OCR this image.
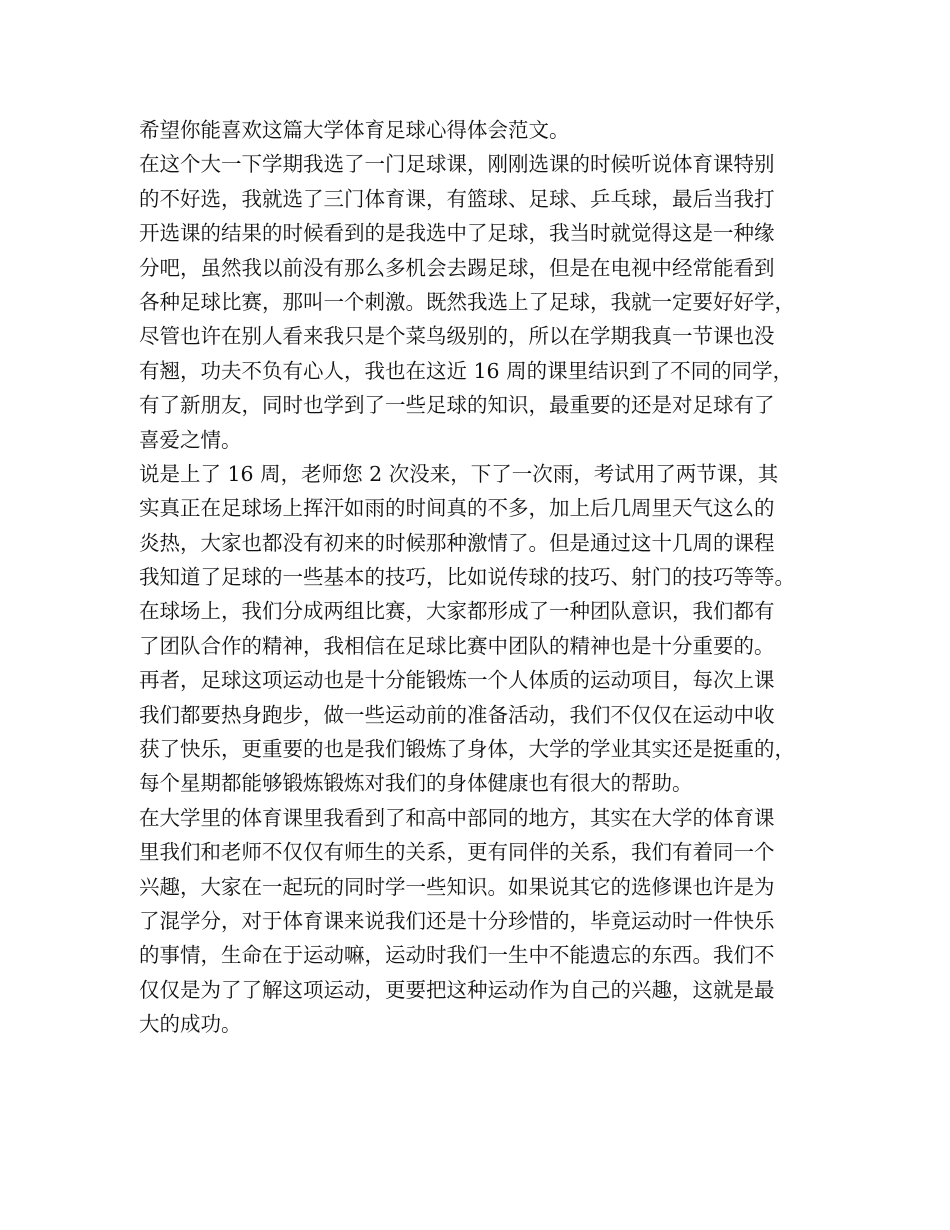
希望你能喜欢这篇大学体育足球心得体会范文。
在这个大一下学期我选了一门足球课，刚刚选课的时候听说体育课特别
的不好选，我就选了三门体育课，有篮球、足球、乒乓球，最后当我打
开选课的结果的时候看到的是我选中了足球，我当时就觉得这是一种缘
分吧，虽然我以前没有那么多机会去踢足球，但是在电视中经常能看到
各种足球比赛，那叫一个刺激。既然我选上了足球，我就一定要好好学，
尽管也许在别人看来我只是个菜鸟级别的，所以在学期我真一节课也没
有翘，功夫不负有心人，我也在这近 16 周的课里结识到了不同的同学，
有了新朋友，同时也学到了一些足球的知识，最重要的还是对足球有了
喜爱之情。
说是上了 16 周，老师您 2 次没来，下了一次雨，考试用了两节课，其
实真正在足球场上挥汗如雨的时间真的不多，加上后几周里天气这么的
炎热，大家也都没有初来的时候那种激情了。但是通过这十几周的课程
我知道了足球的一些基本的技巧，比如说传球的技巧、射门的技巧等等。
在球场上，我们分成两组比赛，大家都形成了一种团队意识，我们都有
了团队合作的精神，我相信在足球比赛中团队的精神也是十分重要的。
再者，足球这项运动也是十分能锻炼一个人体质的运动项目，每次上课
我们都要热身跑步，做一些运动前的准备活动，我们不仅仅在运动中收
获了快乐，更重要的也是我们锻炼了身体，大学的学业其实还是挺重的，
每个星期都能够锻炼锻炼对我们的身体健康也有很大的帮助。
在大学里的体育课里我看到了和高中部同的地方，其实在大学的体育课
里我们和老师不仅仅有师生的关系，更有同伴的关系，我们有着同一个
兴趣，大家在一起玩的同时学一些知识。如果说其它的选修课也许是为
了混学分，对于体育课来说我们还是十分珍惜的，毕竟运动时一件快乐
的事情，生命在于运动嘛，运动时我们一生中不能遗忘的东西。我们不
仅仅是为了了解这项运动，更要把这种运动作为自己的兴趣，这就是最
大的成功。
